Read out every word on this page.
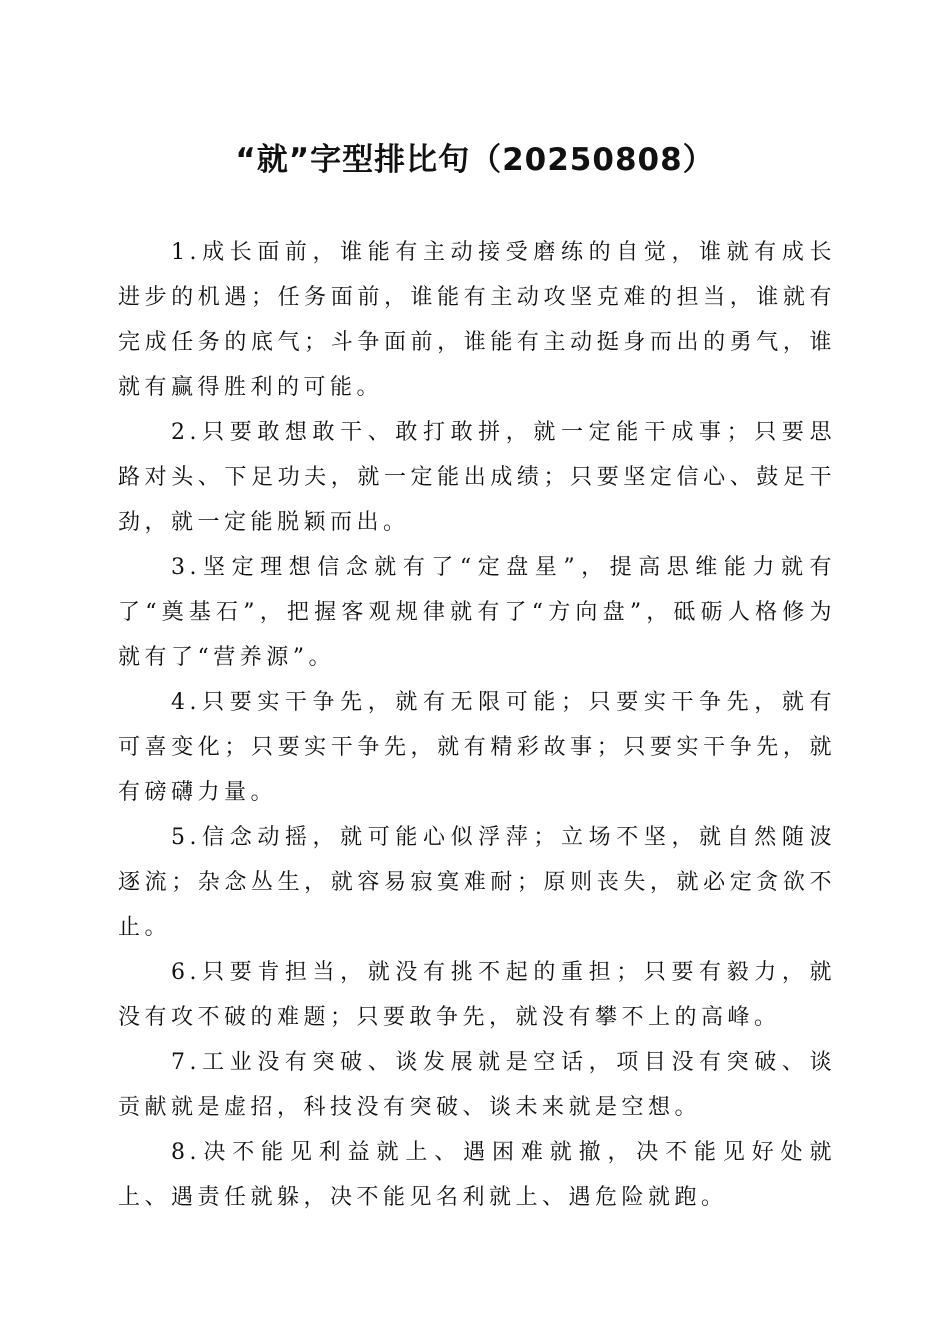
“就”字型排比句（20250808）

1.成长面前，谁能有主动接受磨练的自觉，谁就有成长进步的机遇；任务面前，谁能有主动攻坚克难的担当，谁就有完成任务的底气；斗争面前，谁能有主动挺身而出的勇气，谁就有赢得胜利的可能。

2.只要敢想敢干、敢打敢拼，就一定能干成事；只要思路对头、下足功夫，就一定能出成绩；只要坚定信心、鼓足干劲，就一定能脱颖而出。

3.坚定理想信念就有了“定盘星”，提高思维能力就有了“奠基石”，把握客观规律就有了“方向盘”，砥砺人格修为就有了“营养源”。

4.只要实干争先，就有无限可能；只要实干争先，就有可喜变化；只要实干争先，就有精彩故事；只要实干争先，就有磅礴力量。

5.信念动摇，就可能心似浮萍；立场不坚，就自然随波逐流；杂念丛生，就容易寂寞难耐；原则丧失，就必定贪欲不止。

6.只要肯担当，就没有挑不起的重担；只要有毅力，就没有攻不破的难题；只要敢争先，就没有攀不上的高峰。

7.工业没有突破、谈发展就是空话，项目没有突破、谈贡献就是虚招，科技没有突破、谈未来就是空想。

8.决不能见利益就上、遇困难就撤，决不能见好处就上、遇责任就躲，决不能见名利就上、遇危险就跑。
